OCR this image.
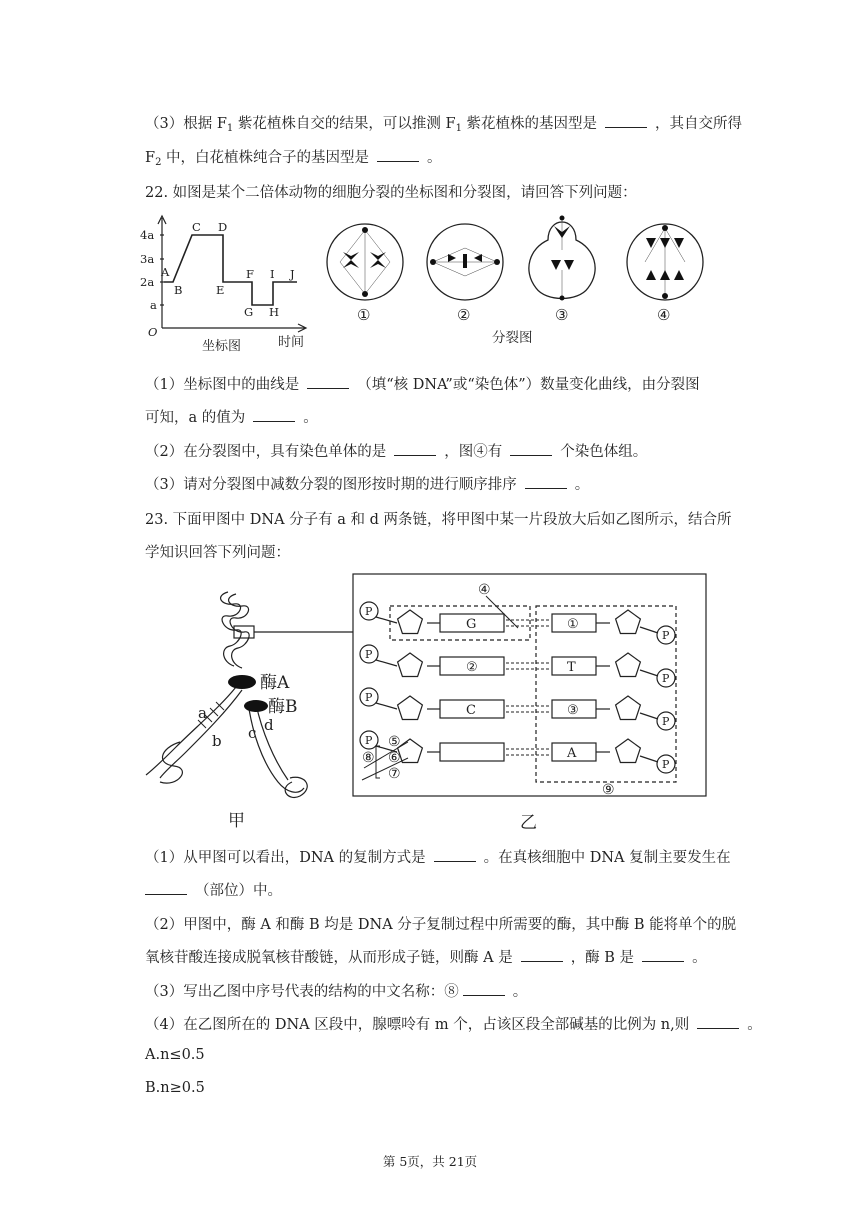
（3）根据 $F_1$ 紫花植株自交的结果，可以推测 $F_1$ 紫花植株的基因型是	，其自交所得
$F_2$ 中，白花植株纯合子的基因型是	。
22. 如图是某个二倍体动物的细胞分裂的坐标图和分裂图，请回答下列问题：
4a
3a
2a
a
O
A
B
C D
E
F
G H
I J
坐标图	时间
①	②	③	④
分裂图
（1）坐标图中的曲线是	（填“核 DNA”或“染色体”）数量变化曲线，由分裂图
可知，a 的值为	。
（2）在分裂图中，具有染色单体的是	，图④有	个染色体组。
（3）请对分裂图中减数分裂的图形按时期的进行顺序排序	。
23. 下面甲图中 DNA 分子有 a 和 d 两条链，将甲图中某一片段放大后如乙图所示，结合所
学知识回答下列问题：
酶A
酶B
a
b c d
甲	乙
P
P
G	①
P
P
②	T
P
P
C	③
P
P
A
④
⑤
⑥
⑦
⑧
⑨
（1）从甲图可以看出，DNA 的复制方式是	。在真核细胞中 DNA 复制主要发生在
（部位）中。
（2）甲图中，酶 A 和酶 B 均是 DNA 分子复制过程中所需要的酶，其中酶 B 能将单个的脱
氧核苷酸连接成脱氧核苷酸链，从而形成子链，则酶 A 是	，酶 B 是	。
（3）写出乙图中序号代表的结构的中文名称：⑧	。
（4）在乙图所在的 DNA 区段中，腺嘌呤有 m 个，占该区段全部碱基的比例为 n,则	。
A.n≤0.5
B.n≥0.5
第 5页，共 21页
